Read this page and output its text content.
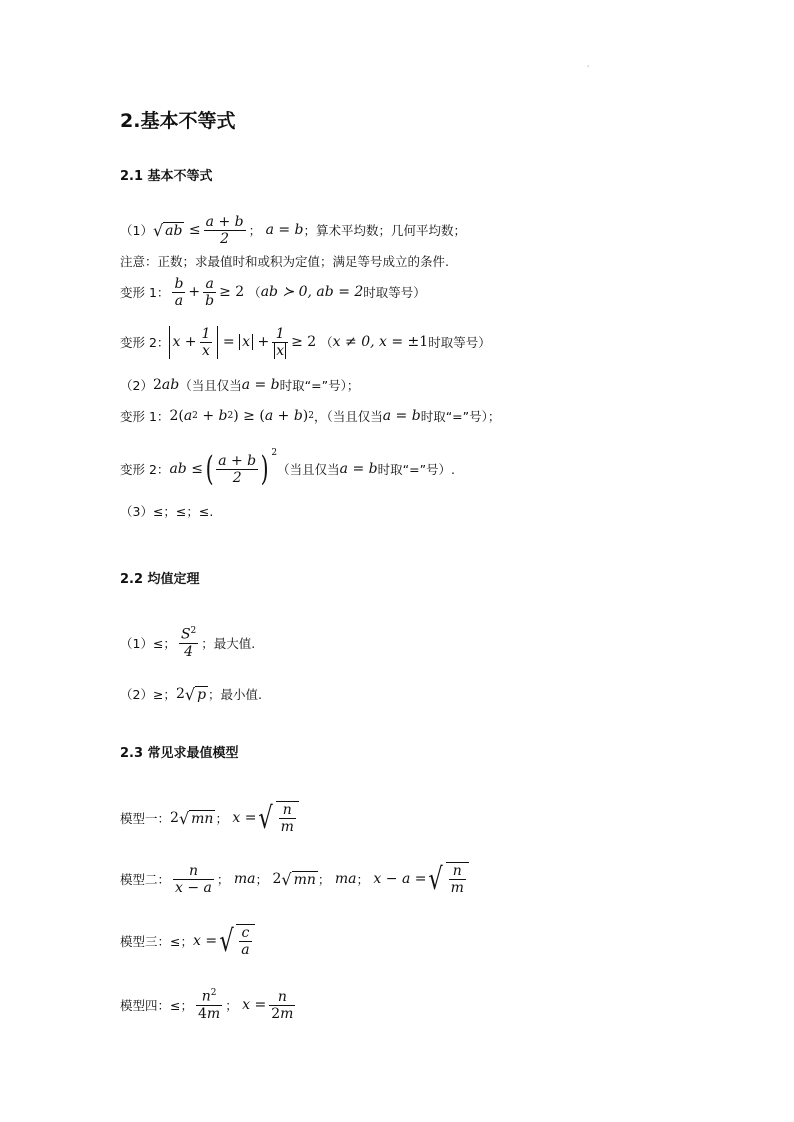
'
2.基本不等式
2.1 基本不等式
（1） √ ab ≤ $\frac{a + b}{2}$ ； a = b ；算术平均数；几何平均数；
注意：正数；求最值时和或积为定值；满足等号成立的条件.
变形 1： $\frac{b}{a} + \frac{a}{b} \ge 2$ （ ab ≻ 0, ab = 2 时取等号）
变形 2： $x + \frac{1}{x} = x + \frac{1}{x} \ge 2$ （ x ≠ 0, x = ± 1 时取等号）
（2） 2 ab （当且仅当 a = b 时取“=”号）；
变形 1： 2( a 2 + b 2 ) ≥ ( a + b ) 2 ，（当且仅当 a = b 时取“=”号）；
变形 2： ab ≤ ( $\frac{a + b}{2}$ ) $^2$
（当且仅当 a = b 时取“=”号）.
（3）≤；≤；≤.
2.2 均值定理
（1）≤； $\frac{S^2}{4}$ ；最大值.
（2）≥； 2 √ p ；最小值.
2.3 常见求最值模型
模型一： 2 √ mn ； x = √ $\frac{n}{m}$
模型二： $\frac{n}{x - a}$ ； ma ； 2 √ mn ； ma ； x − a = √ $\frac{n}{m}$
模型三：≤； x = √ $\frac{c}{a}$
模型四：≤； $\frac{n^2}{4m}$ ； $x = \frac{n}{2m}$
